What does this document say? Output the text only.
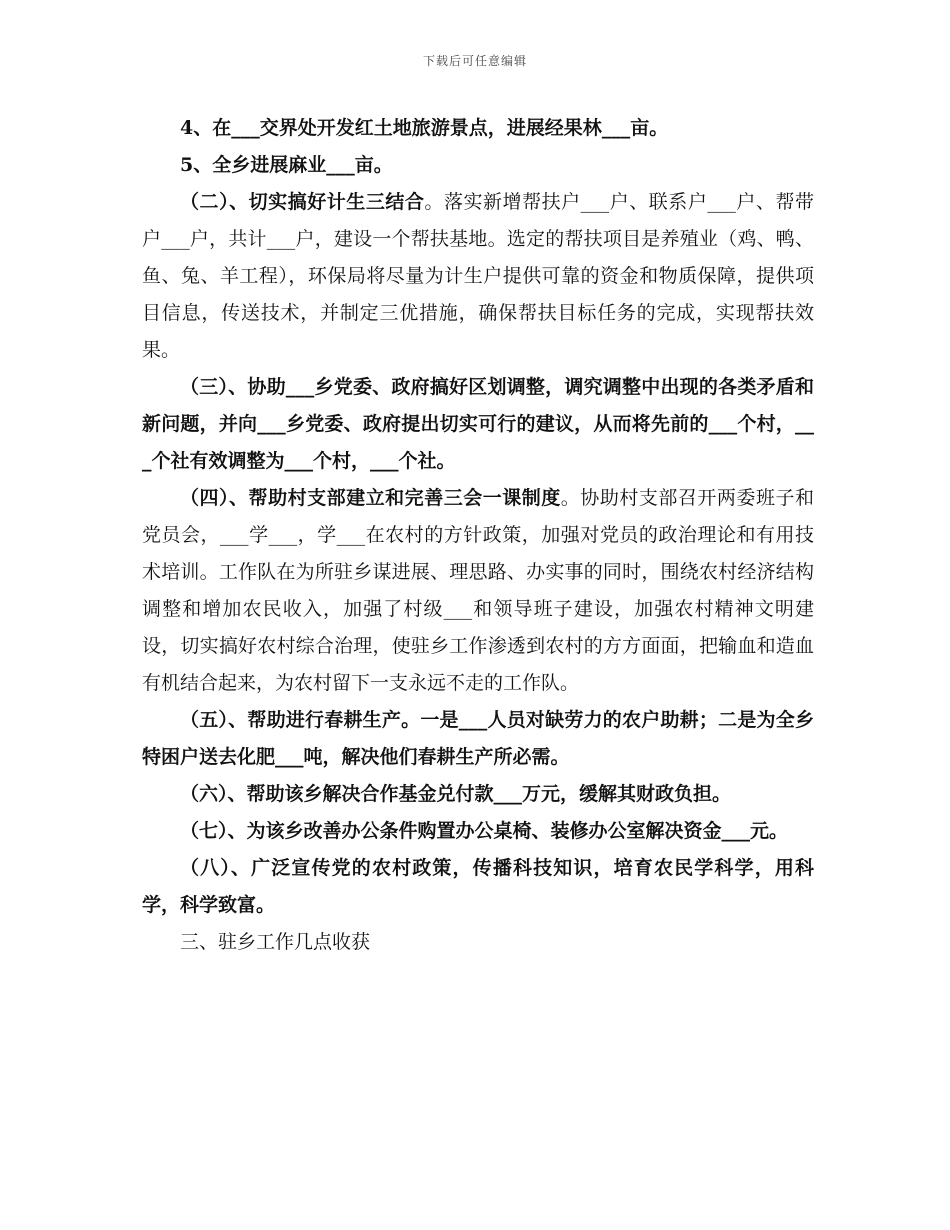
下载后可任意编辑

4、在___交界处开发红土地旅游景点，进展经果林___亩。

5、全乡进展麻业___亩。

（二）、切实搞好计生三结合。落实新增帮扶户___户、联系户___户、帮带户___户，共计___户，建设一个帮扶基地。选定的帮扶项目是养殖业（鸡、鸭、鱼、兔、羊工程），环保局将尽量为计生户提供可靠的资金和物质保障，提供项目信息，传送技术，并制定三优措施，确保帮扶目标任务的完成，实现帮扶效果。

（三）、协助___乡党委、政府搞好区划调整，调究调整中出现的各类矛盾和新问题，并向___乡党委、政府提出切实可行的建议，从而将先前的___个村，___个社有效调整为___个村，___个社。

（四）、帮助村支部建立和完善三会一课制度。协助村支部召开两委班子和党员会，___学___，学___在农村的方针政策，加强对党员的政治理论和有用技术培训。工作队在为所驻乡谋进展、理思路、办实事的同时，围绕农村经济结构调整和增加农民收入，加强了村级___和领导班子建设，加强农村精神文明建设，切实搞好农村综合治理，使驻乡工作渗透到农村的方方面面，把输血和造血有机结合起来，为农村留下一支永远不走的工作队。

（五）、帮助进行春耕生产。一是___人员对缺劳力的农户助耕；二是为全乡特困户送去化肥___吨，解决他们春耕生产所必需。

（六）、帮助该乡解决合作基金兑付款___万元，缓解其财政负担。

（七）、为该乡改善办公条件购置办公桌椅、装修办公室解决资金___元。

（八）、广泛宣传党的农村政策，传播科技知识，培育农民学科学，用科学，科学致富。

三、驻乡工作几点收获
